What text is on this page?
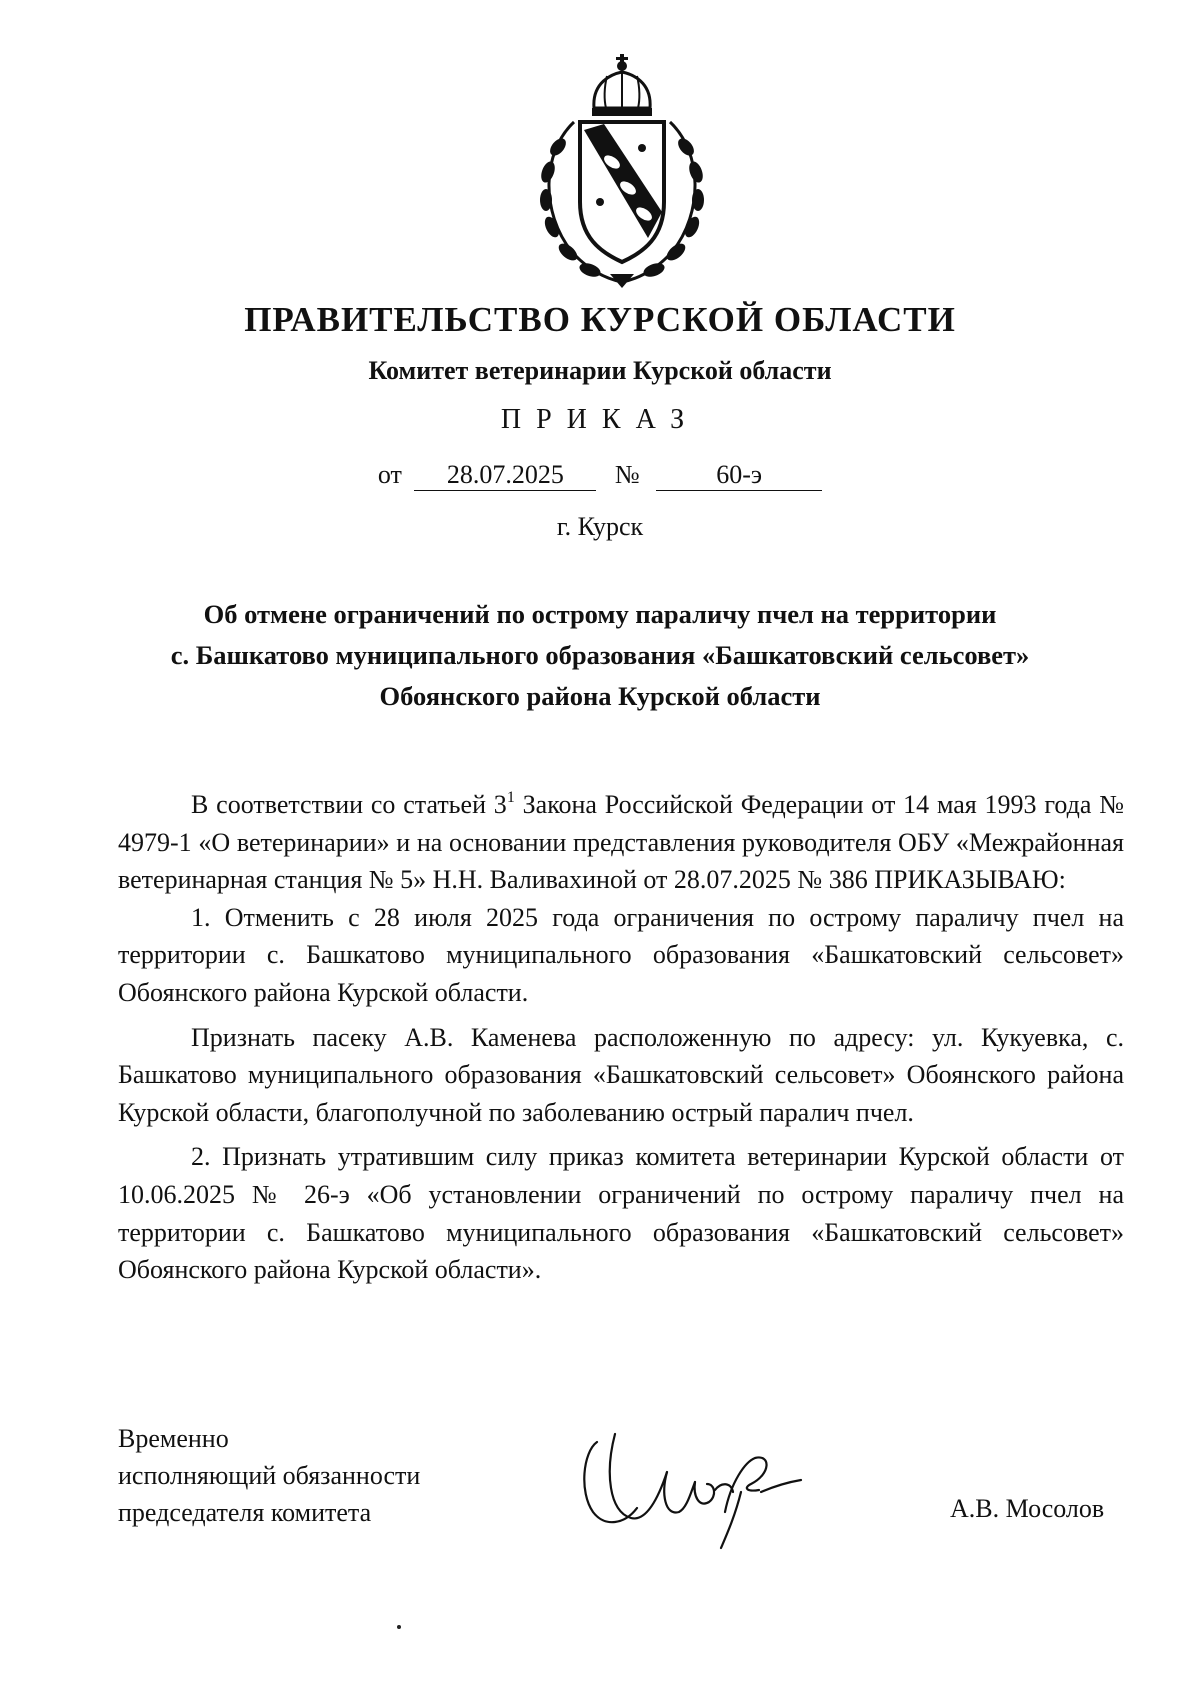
ПРАВИТЕЛЬСТВО КУРСКОЙ ОБЛАСТИ
Комитет ветеринарии Курской области
ПРИКАЗ
от 28.07.2025 №	60-э
г. Курск
Об отмене ограничений по острому параличу пчел на территории
с. Башкатово муниципального образования «Башкатовский сельсовет»
Обоянского района Курской области

В соответствии со статьей $3^1$ Закона Российской Федерации от 14 мая 1993 года № 4979-1 «О ветеринарии» и на основании представления руководителя ОБУ «Межрайонная ветеринарная станция № 5» Н.Н. Валивахиной от 28.07.2025 № 386 ПРИКАЗЫВАЮ:

1. Отменить с 28 июля 2025 года ограничения по острому параличу пчел на территории с. Башкатово муниципального образования «Башкатовский сельсовет» Обоянского района Курской области.

Признать пасеку А.В. Каменева расположенную по адресу: ул. Кукуевка, с. Башкатово муниципального образования «Башкатовский сельсовет» Обоянского района Курской области, благополучной по заболеванию острый паралич пчел.

2. Признать утратившим силу приказ комитета ветеринарии Курской области от 10.06.2025 № 26-э «Об установлении ограничений по острому параличу пчел на территории с. Башкатово муниципального образования «Башкатовский сельсовет» Обоянского района Курской области».

Временно
исполняющий обязанности
председателя комитета	А.В. Мосолов
